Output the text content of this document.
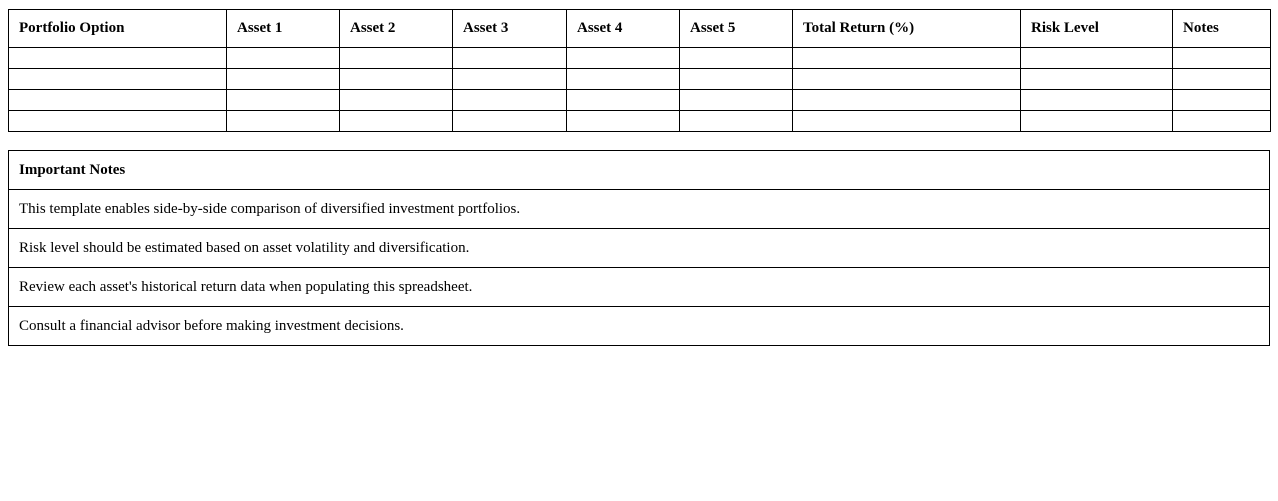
Portfolio Option	Asset 1	Asset 2	Asset 3	Asset 4	Asset 5	Total Return (%)	Risk Level	Notes

Important Notes
This template enables side-by-side comparison of diversified investment portfolios.
Risk level should be estimated based on asset volatility and diversification.
Review each asset's historical return data when populating this spreadsheet.
Consult a financial advisor before making investment decisions.
